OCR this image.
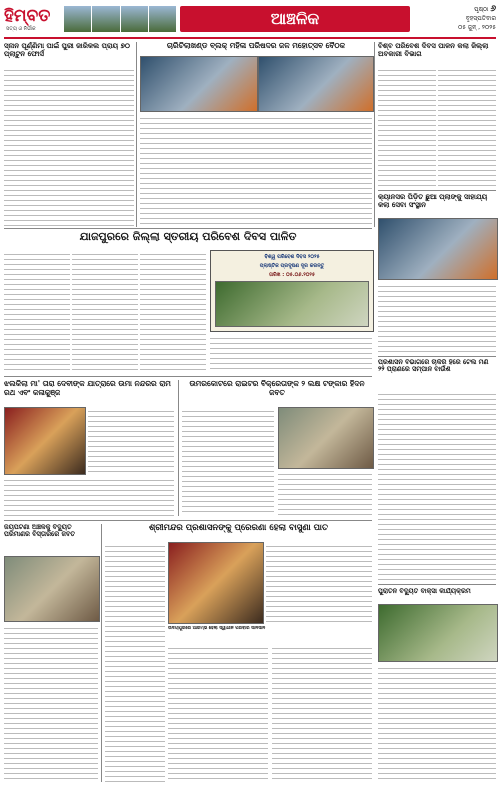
ହିମ୍ବତ
ସତ୍ୟ ଓ ନିର୍ଭୀକ
ଆଞ୍ଚଳିକ	ପୃଷ୍ଠା ୬
ବୃହସ୍ପତିବାର
୦୫ ଜୁନ୍ , ୨୦୨୫
ସ୍ନାନ ପୂର୍ଣ୍ଣିମା ପାଇଁ ପୁରୀ ଜାରିକଲ ପ୍ରାୟ ୭୦ ପ୍ଲାଟୁନ ଫୋର୍ସ
ଚାରିଚିଲାଖଣ୍ଡ ବ୍ଲକ୍ ମହିଳା ପରିଷଦର ଜଳ ମହୋତ୍ସବ ବୈଠକ	ବିଶ୍ବ ପରିବେଶ ଦିବସ ପାଳନ କଲା ଜିଲ୍ଲା ଅବକାରୀ ବିଭାଗ
କ୍ୟାନସର ପିଡ଼ିତ ଛୁଆ ପ୍ଲାଙ୍କୁ ସାହାଯ୍ୟ କଲା ସେବା ସଂସ୍ଥାନ
ଯାଜପୁରରେ ଜିଲ୍ଲା ସ୍ତରୀୟ ପରିବେଶ ଦିବସ ପାଳିତ
ବିଶ୍ୱ ପରିବେଶ ଦିବସ ୨୦୨୫
ପ୍ଲାଷ୍ଟିକ ପ୍ରଦୂଷଣ ଦୂର କରନ୍ତୁ
ତାରିଖ : ୦୫.୦୬.୨୦୨୫
ପ୍ରଶାସନ ବିଭାଗରେ ଚାକିରି ହିଁରେ ଟେଲ ମଣି ୨୨ ପ୍ରାଣରେ ସମ୍ପାନ ବାଉଁଶ
ଝଲକିଲା ମା' ତାରା ଦେବୀଙ୍କ ଯାତ୍ରାରେ ଉମା ନନ୍ଦରର ରାମ ରଥ ଏବଂ କଳାକୁଞ୍ଜ
ଉମରକୋଟରେ ରାଇଟର ବିକ୍ରେତାଙ୍କ ୨ ଲକ୍ଷ ଟଙ୍କାର ହିଦନ ଜବତ
ଜୟପଟଣା ଅଞ୍ଚଳକୁ ବିଦ୍ୟୁତ ପରିମାଣର ବିସ୍ତାରରେ ଜବତ
ଶ୍ରୀମନ୍ଦିର ପ୍ରଶାସନଙ୍କୁ ପ୍ରେରଣା ହେଲା ବାସୁଣା ପାତ
ଉଦୟପୁରରେ ଆରମ୍ଭ ହେଲା ସ୍ୱାଧୀନ ପରିବାର ସାନସାନ
ପୁରାତନ ବିଦ୍ୟୁତ ବାକ୍ସା କାର୍ଯ୍ୟକ୍ରମ
